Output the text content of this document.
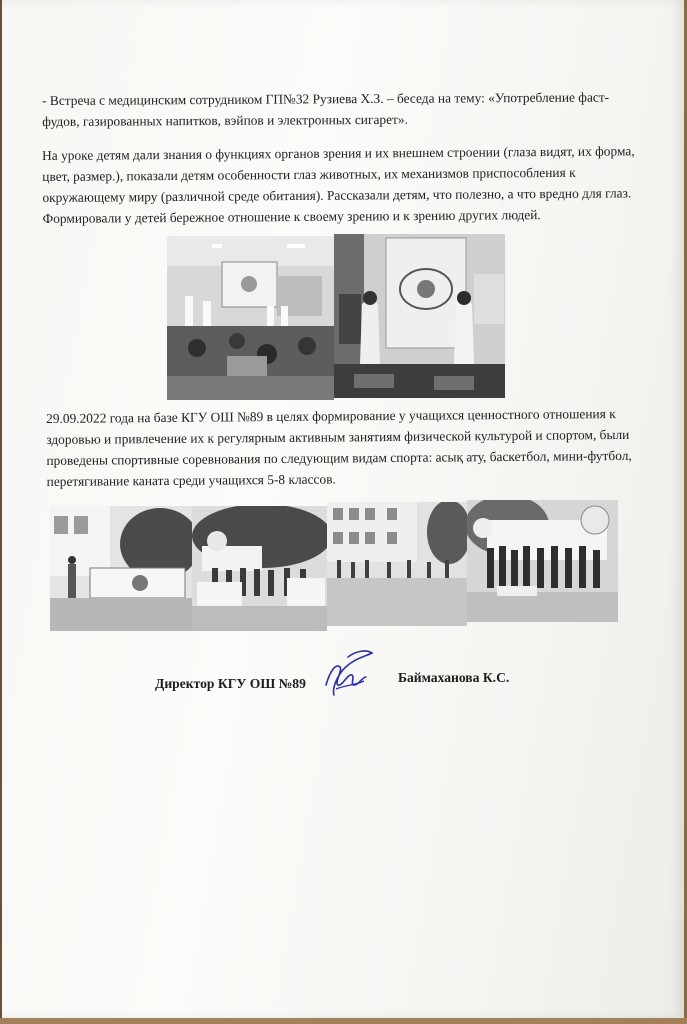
- Встреча с медицинским сотрудником ГП№32 Рузиева Х.З. – беседа на тему: «Употребление фаст-фудов, газированных напитков, вэйпов и электронных сигарет».

На уроке детям дали знания о функциях органов зрения и их внешнем строении (глаза видят, их форма, цвет, размер.), показали детям особенности глаз животных, их механизмов приспособления к окружающему миру (различной среде обитания). Рассказали детям, что полезно, а что вредно для глаз. Формировали у детей бережное отношение к своему зрению и к зрению других людей.

29.09.2022 года на базе КГУ ОШ №89 в целях формирование у учащихся ценностного отношения к здоровью и привлечение их к регулярным активным занятиям физической культурой и спортом, были проведены спортивные соревнования по следующим видам спорта: асық ату, баскетбол, мини-футбол, перетягивание каната среди учащихся 5-8 классов.

Директор КГУ ОШ №89	Баймаханова К.С.
